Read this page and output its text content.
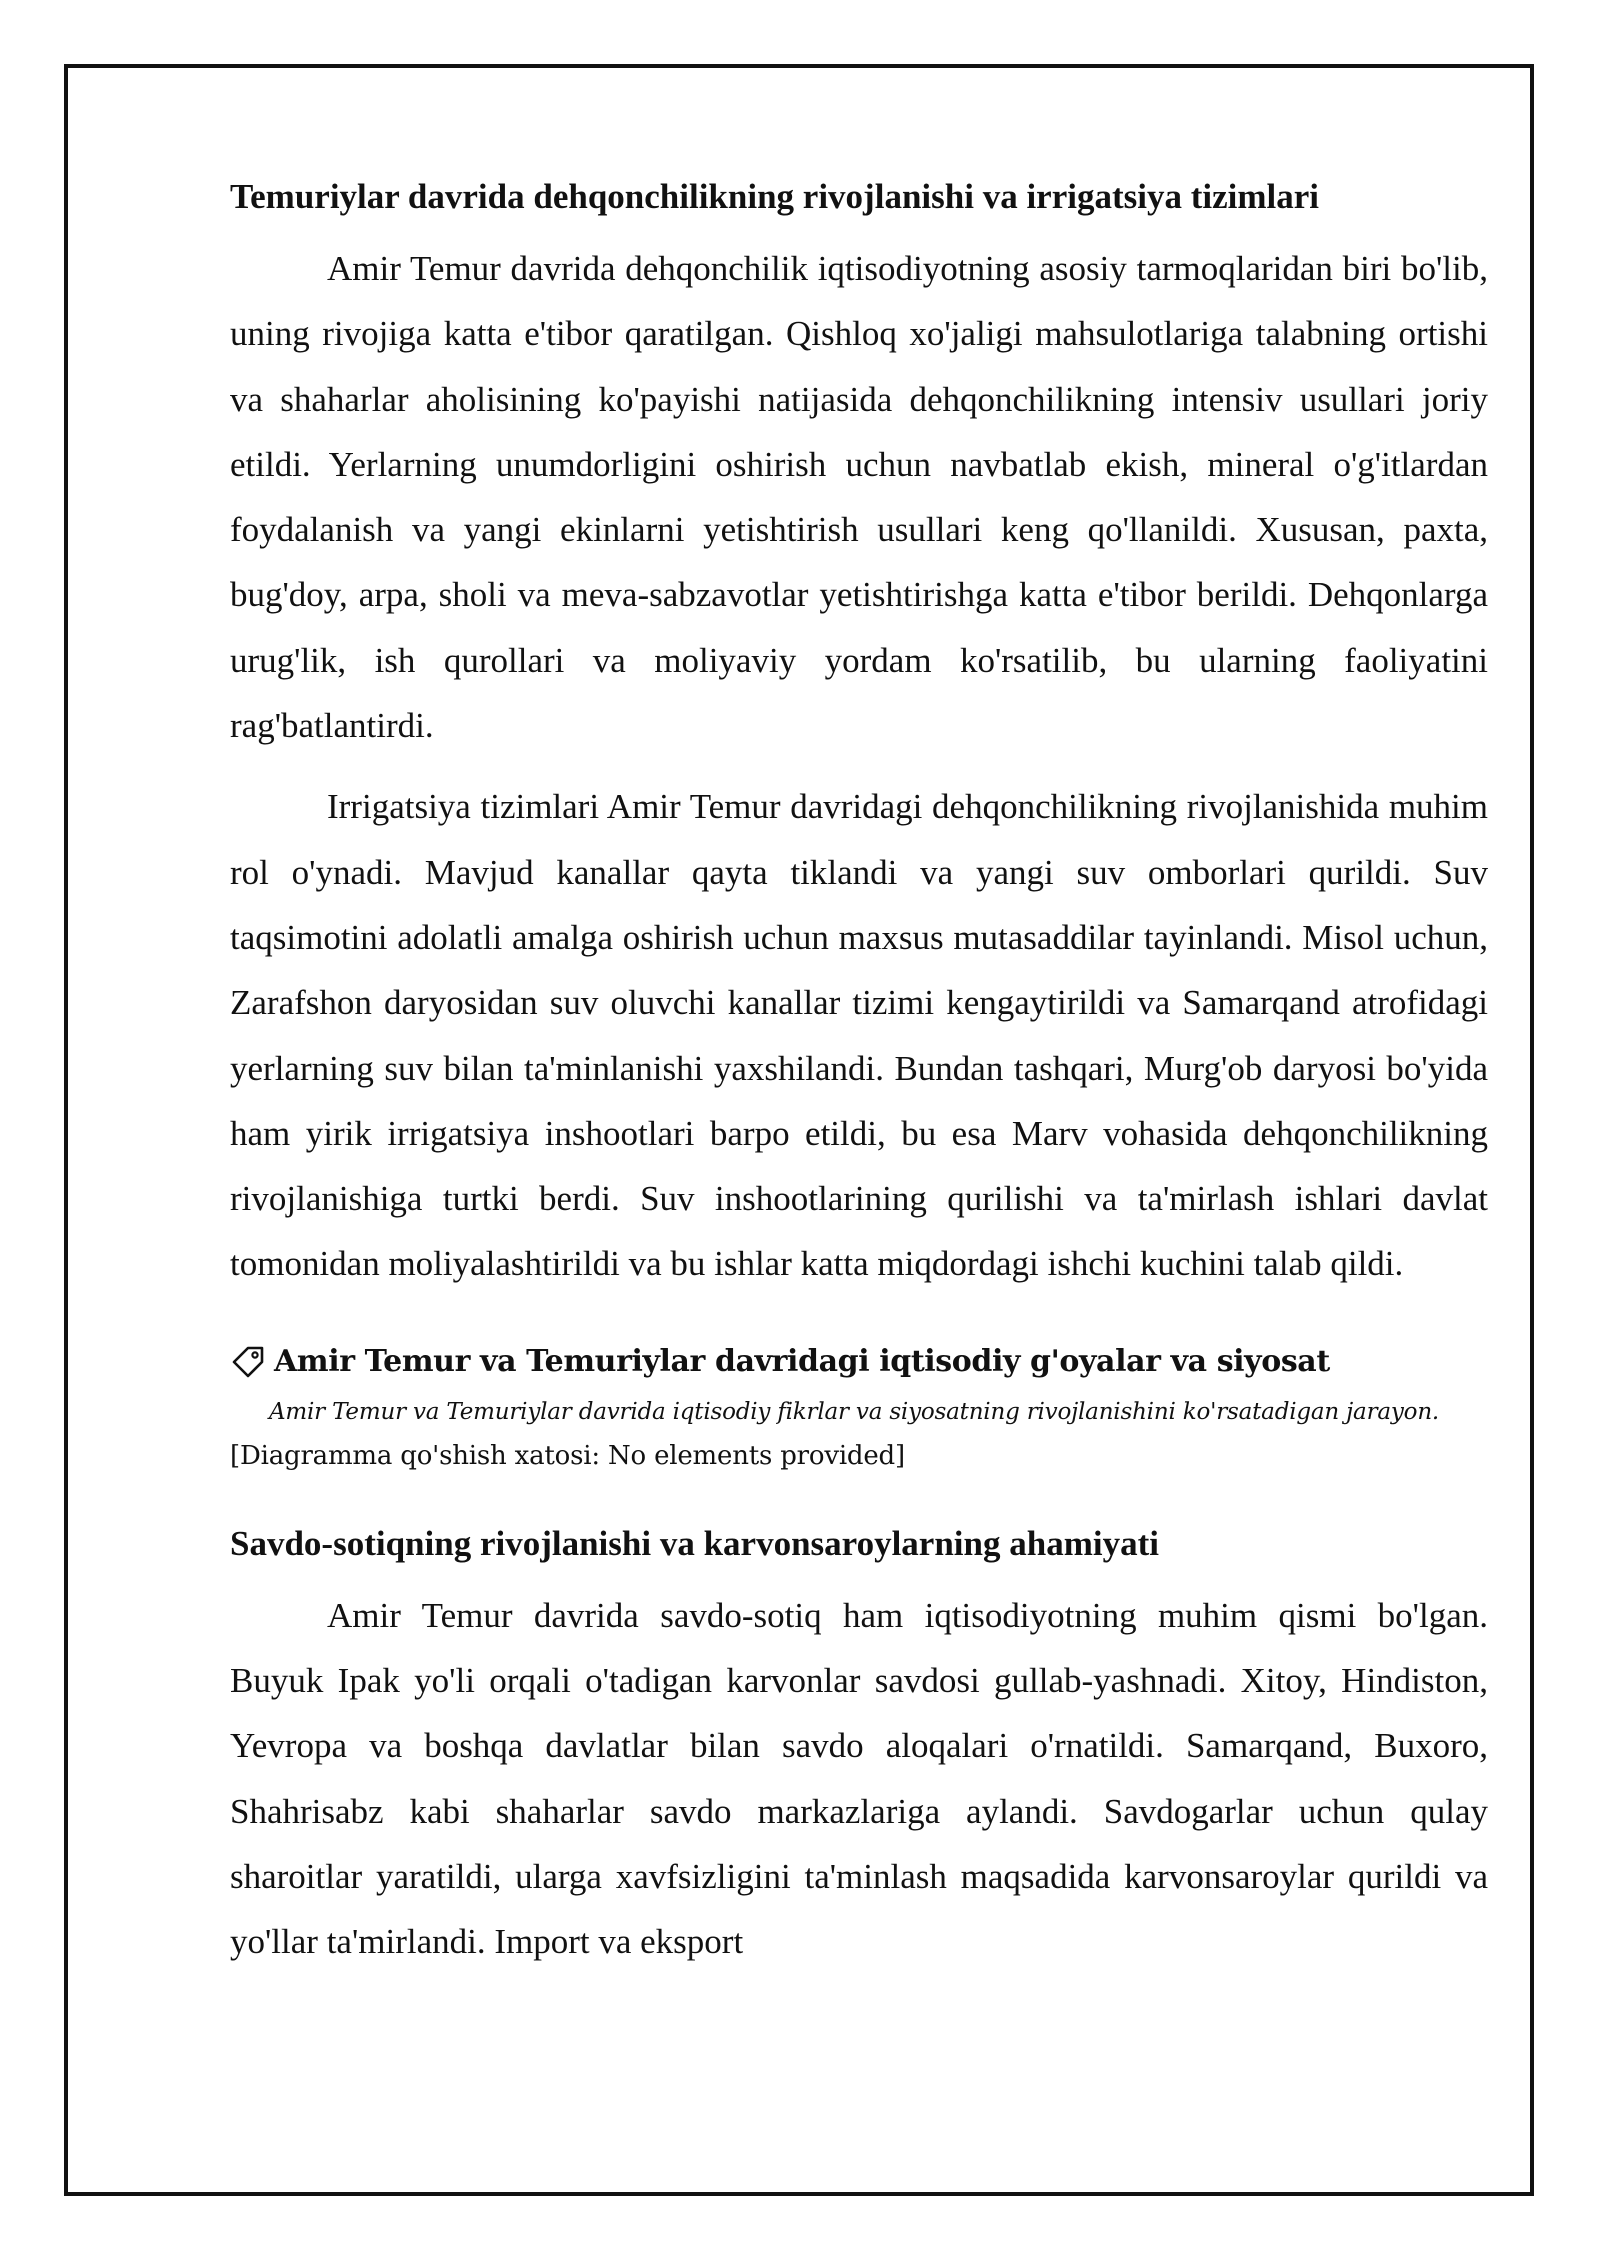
Temuriylar davrida dehqonchilikning rivojlanishi va irrigatsiya tizimlari

Amir Temur davrida dehqonchilik iqtisodiyotning asosiy tarmoqlaridan biri bo'lib, uning rivojiga katta e'tibor qaratilgan. Qishloq xo'jaligi mahsulotlariga talabning ortishi va shaharlar aholisining ko'payishi natijasida dehqonchilikning intensiv usullari joriy etildi. Yerlarning unumdorligini oshirish uchun navbatlab ekish, mineral o'g'itlardan foydalanish va yangi ekinlarni yetishtirish usullari keng qo'llanildi. Xususan, paxta, bug'doy, arpa, sholi va meva-sabzavotlar yetishtirishga katta e'tibor berildi. Dehqonlarga urug'lik, ish qurollari va moliyaviy yordam ko'rsatilib, bu ularning faoliyatini rag'batlantirdi.

Irrigatsiya tizimlari Amir Temur davridagi dehqonchilikning rivojlanishida muhim rol o'ynadi. Mavjud kanallar qayta tiklandi va yangi suv omborlari qurildi. Suv taqsimotini adolatli amalga oshirish uchun maxsus mutasaddilar tayinlandi. Misol uchun, Zarafshon daryosidan suv oluvchi kanallar tizimi kengaytirildi va Samarqand atrofidagi yerlarning suv bilan ta'minlanishi yaxshilandi. Bundan tashqari, Murg'ob daryosi bo'yida ham yirik irrigatsiya inshootlari barpo etildi, bu esa Marv vohasida dehqonchilikning rivojlanishiga turtki berdi. Suv inshootlarining qurilishi va ta'mirlash ishlari davlat tomonidan moliyalashtirildi va bu ishlar katta miqdordagi ishchi kuchini talab qildi.

Amir Temur va Temuriylar davridagi iqtisodiy g'oyalar va siyosat
Amir Temur va Temuriylar davrida iqtisodiy fikrlar va siyosatning rivojlanishini ko'rsatadigan jarayon.
[Diagramma qo'shish xatosi: No elements provided]
Savdo-sotiqning rivojlanishi va karvonsaroylarning ahamiyati

Amir Temur davrida savdo-sotiq ham iqtisodiyotning muhim qismi bo'lgan. Buyuk Ipak yo'li orqali o'tadigan karvonlar savdosi gullab-yashnadi. Xitoy, Hindiston, Yevropa va boshqa davlatlar bilan savdo aloqalari o'rnatildi. Samarqand, Buxoro, Shahrisabz kabi shaharlar savdo markazlariga aylandi. Savdogarlar uchun qulay sharoitlar yaratildi, ularga xavfsizligini ta'minlash maqsadida karvonsaroylar qurildi va yo'llar ta'mirlandi. Import va eksport
